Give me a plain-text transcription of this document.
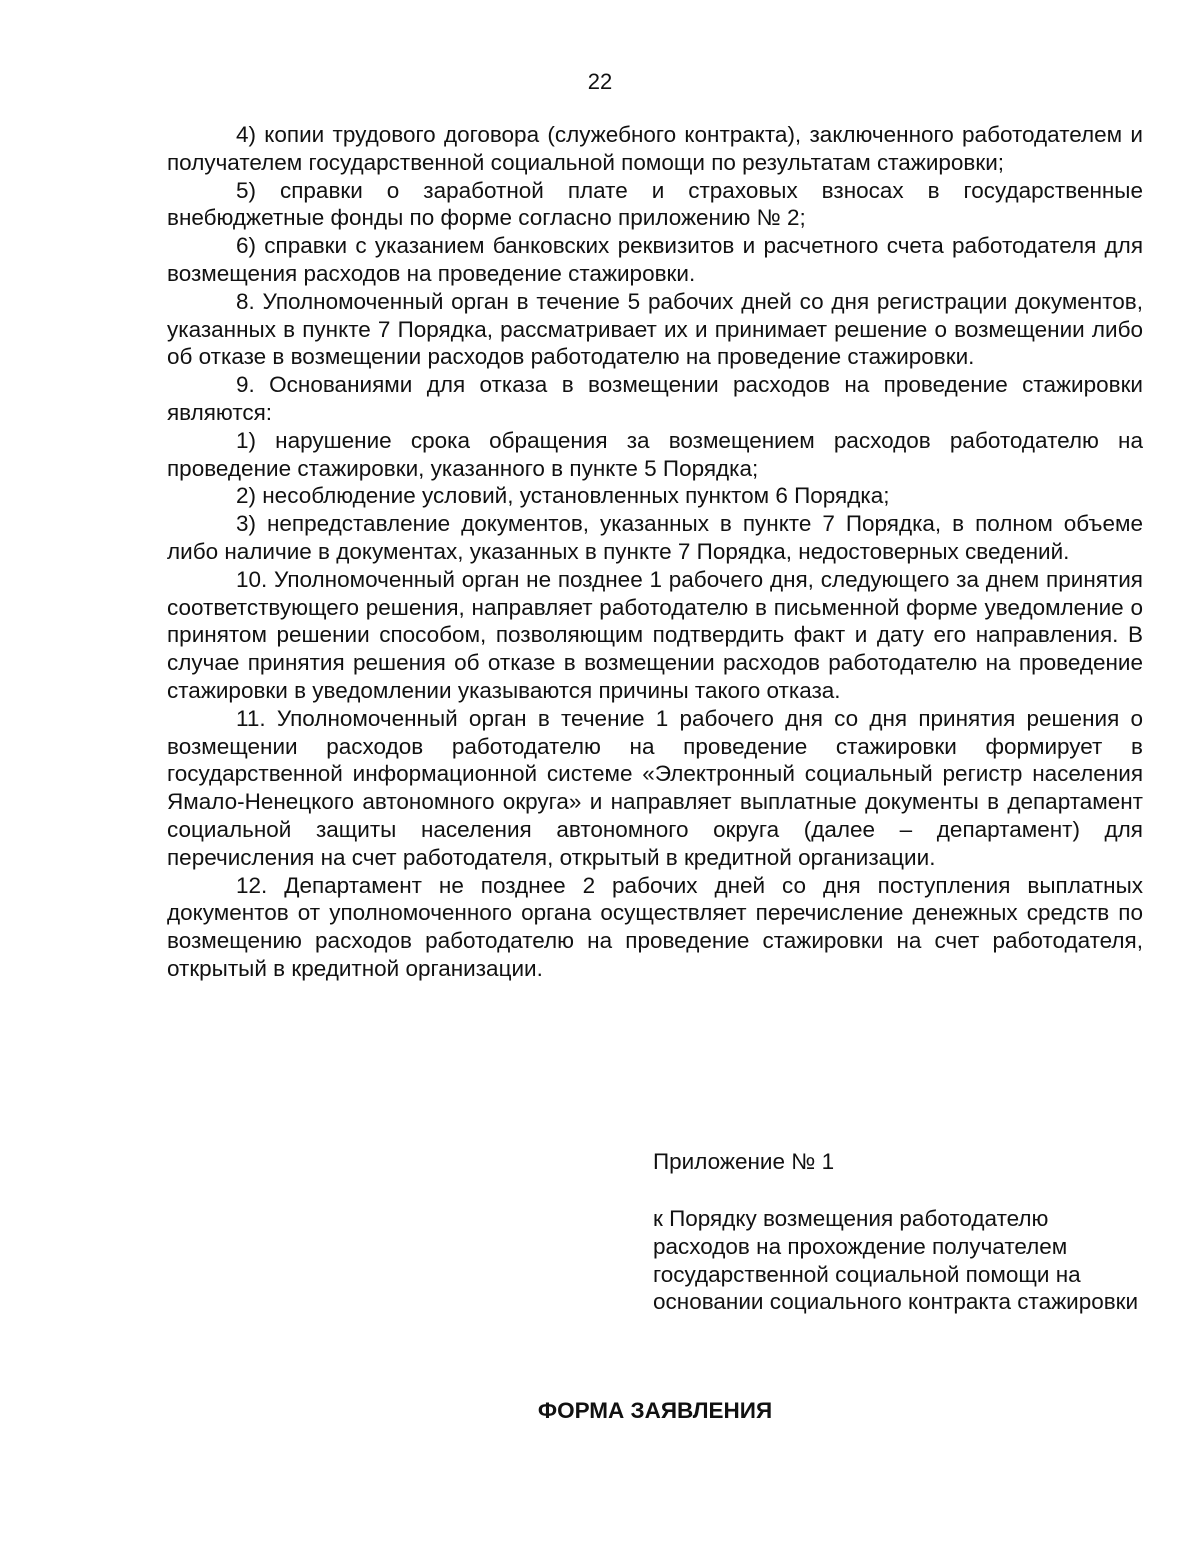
22

4) копии трудового договора (служебного контракта), заключенного работодателем и получателем государственной социальной помощи по результатам стажировки;

5) справки о заработной плате и страховых взносах в государственные внебюджетные фонды по форме согласно приложению № 2;

6) справки с указанием банковских реквизитов и расчетного счета работодателя для возмещения расходов на проведение стажировки.

8. Уполномоченный орган в течение 5 рабочих дней со дня регистрации документов, указанных в пункте 7 Порядка, рассматривает их и принимает решение о возмещении либо об отказе в возмещении расходов работодателю на проведение стажировки.

9. Основаниями для отказа в возмещении расходов на проведение стажировки являются:

1) нарушение срока обращения за возмещением расходов работодателю на проведение стажировки, указанного в пункте 5 Порядка;

2) несоблюдение условий, установленных пунктом 6 Порядка;

3) непредставление документов, указанных в пункте 7 Порядка, в полном объеме либо наличие в документах, указанных в пункте 7 Порядка, недостоверных сведений.

10. Уполномоченный орган не позднее 1 рабочего дня, следующего за днем принятия соответствующего решения, направляет работодателю в письменной форме уведомление о принятом решении способом, позволяющим подтвердить факт и дату его направления. В случае принятия решения об отказе в возмещении расходов работодателю на проведение стажировки в уведомлении указываются причины такого отказа.

11. Уполномоченный орган в течение 1 рабочего дня со дня принятия решения о возмещении расходов работодателю на проведение стажировки формирует в государственной информационной системе «Электронный социальный регистр населения Ямало-Ненецкого автономного округа» и направляет выплатные документы в департамент социальной защиты населения автономного округа (далее – департамент) для перечисления на счет работодателя, открытый в кредитной организации.

12. Департамент не позднее 2 рабочих дней со дня поступления выплатных документов от уполномоченного органа осуществляет перечисление денежных средств по возмещению расходов работодателю на проведение стажировки на счет работодателя, открытый в кредитной организации.

Приложение № 1

к Порядку возмещения работодателю расходов на прохождение получателем государственной социальной помощи на основании социального контракта стажировки

ФОРМА ЗАЯВЛЕНИЯ
